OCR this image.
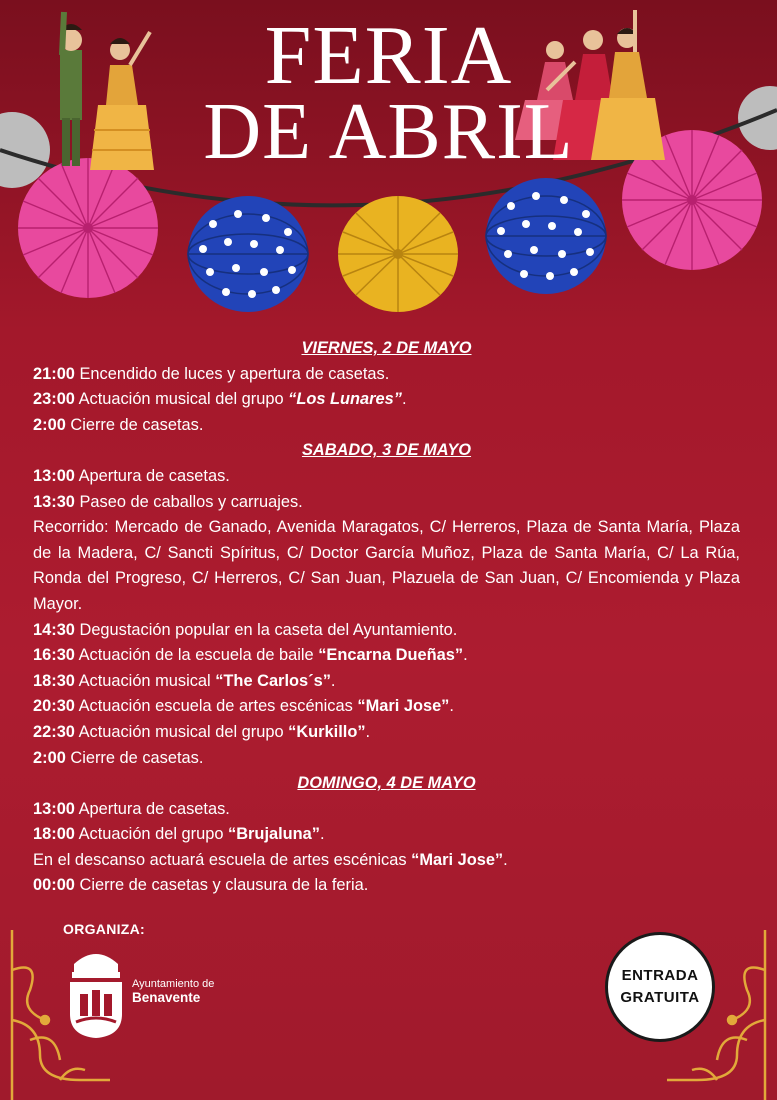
FERIA
DE ABRIL
VIERNES, 2 DE MAYO
21:00 Encendido de luces y apertura de casetas.
23:00 Actuación musical del grupo “Los Lunares”.
2:00 Cierre de casetas.
SABADO, 3 DE MAYO
13:00 Apertura de casetas.
13:30 Paseo de caballos y carruajes.
Recorrido: Mercado de Ganado, Avenida Maragatos, C/ Herreros, Plaza de Santa María, Plaza de la Madera, C/ Sancti Spíritus, C/ Doctor García Muñoz, Plaza de Santa María, C/ La Rúa, Ronda del Progreso, C/ Herreros, C/ San Juan, Plazuela de San Juan, C/ Encomienda y Plaza Mayor.
14:30 Degustación popular en la caseta del Ayuntamiento.
16:30 Actuación de la escuela de baile “Encarna Dueñas”.
18:30 Actuación musical “The Carlos´s”.
20:30 Actuación escuela de artes escénicas “Mari Jose”.
22:30 Actuación musical del grupo “Kurkillo”.
2:00 Cierre de casetas.
DOMINGO, 4 DE MAYO
13:00 Apertura de casetas.
18:00 Actuación del grupo “Brujaluna”.
En el descanso actuará escuela de artes escénicas “Mari Jose”.
00:00 Cierre de casetas y clausura de la feria.
ORGANIZA:
Ayuntamiento de
Benavente
ENTRADA
GRATUITA
